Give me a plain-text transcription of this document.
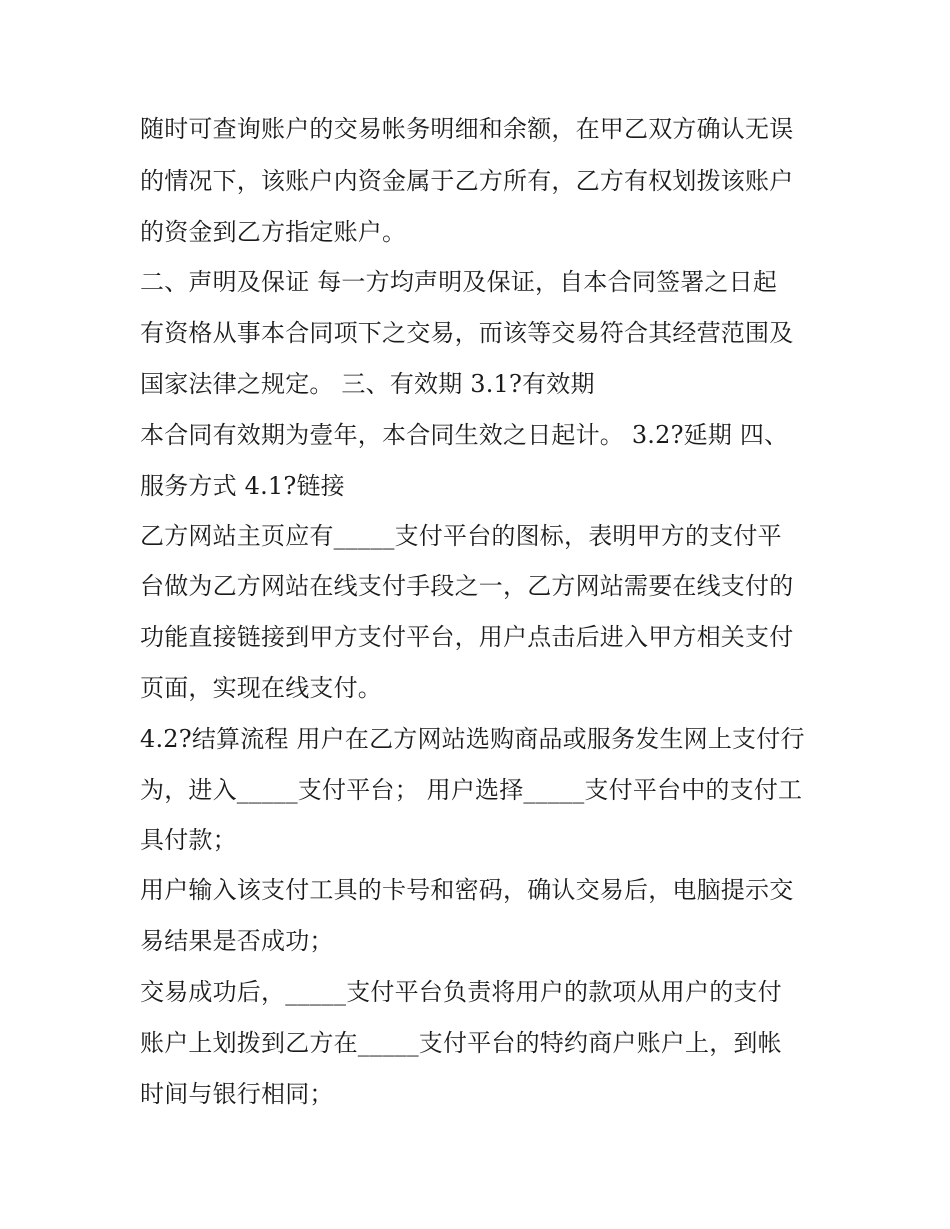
随时可查询账户的交易帐务明细和余额，在甲乙双方确认无误
的情况下，该账户内资金属于乙方所有，乙方有权划拨该账户
的资金到乙方指定账户。
二、声明及保证 每一方均声明及保证，自本合同签署之日起
有资格从事本合同项下之交易，而该等交易符合其经营范围及
国家法律之规定。 三、有效期 3.1?有效期
本合同有效期为壹年，本合同生效之日起计。 3.2?延期 四、
服务方式 4.1?链接
乙方网站主页应有_____支付平台的图标，表明甲方的支付平
台做为乙方网站在线支付手段之一，乙方网站需要在线支付的
功能直接链接到甲方支付平台，用户点击后进入甲方相关支付
页面，实现在线支付。
4.2?结算流程 用户在乙方网站选购商品或服务发生网上支付行
为，进入_____支付平台； 用户选择_____支付平台中的支付工
具付款；
用户输入该支付工具的卡号和密码，确认交易后，电脑提示交
易结果是否成功；
交易成功后，_____支付平台负责将用户的款项从用户的支付
账户上划拨到乙方在_____支付平台的特约商户账户上，到帐
时间与银行相同；
